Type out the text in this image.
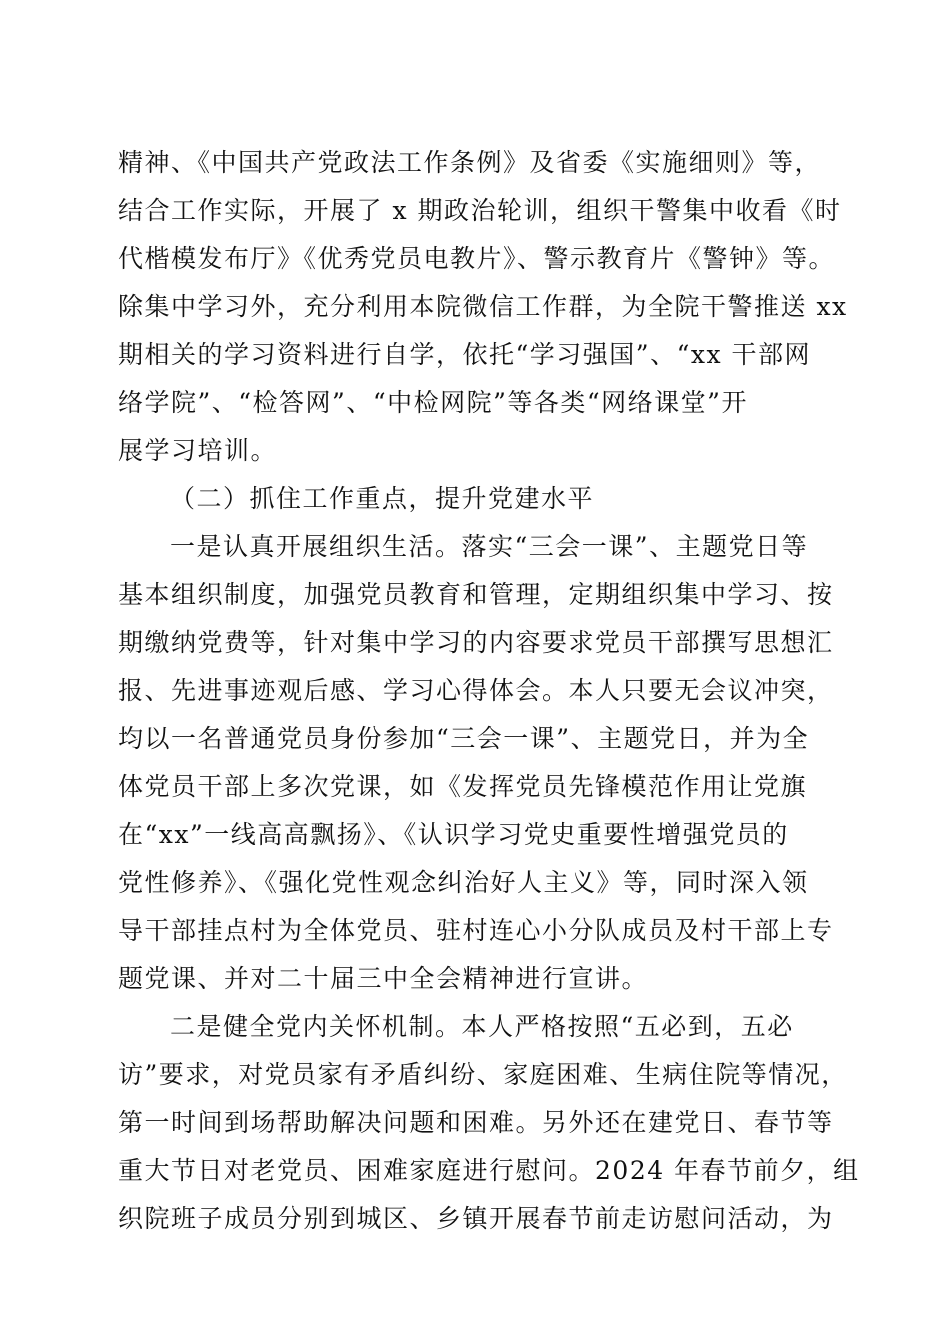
精神、《中国共产党政法工作条例》及省委《实施细则》等，
结合工作实际，开展了 x 期政治轮训，组织干警集中收看《时
代楷模发布厅》《优秀党员电教片》、警示教育片《警钟》等。
除集中学习外，充分利用本院微信工作群，为全院干警推送 xx
期相关的学习资料进行自学，依托“学习强国”、“xx 干部网
络学院”、“检答网”、“中检网院”等各类“网络课堂”开
展学习培训。
（二）抓住工作重点，提升党建水平
一是认真开展组织生活。落实“三会一课”、主题党日等
基本组织制度，加强党员教育和管理，定期组织集中学习、按
期缴纳党费等，针对集中学习的内容要求党员干部撰写思想汇
报、先进事迹观后感、学习心得体会。本人只要无会议冲突，
均以一名普通党员身份参加“三会一课”、主题党日，并为全
体党员干部上多次党课，如《发挥党员先锋模范作用让党旗
在“xx”一线高高飘扬》、《认识学习党史重要性增强党员的
党性修养》、《强化党性观念纠治好人主义》等，同时深入领
导干部挂点村为全体党员、驻村连心小分队成员及村干部上专
题党课、并对二十届三中全会精神进行宣讲。
二是健全党内关怀机制。本人严格按照“五必到，五必
访”要求，对党员家有矛盾纠纷、家庭困难、生病住院等情况，
第一时间到场帮助解决问题和困难。另外还在建党日、春节等
重大节日对老党员、困难家庭进行慰问。2024 年春节前夕，组
织院班子成员分别到城区、乡镇开展春节前走访慰问活动，为
